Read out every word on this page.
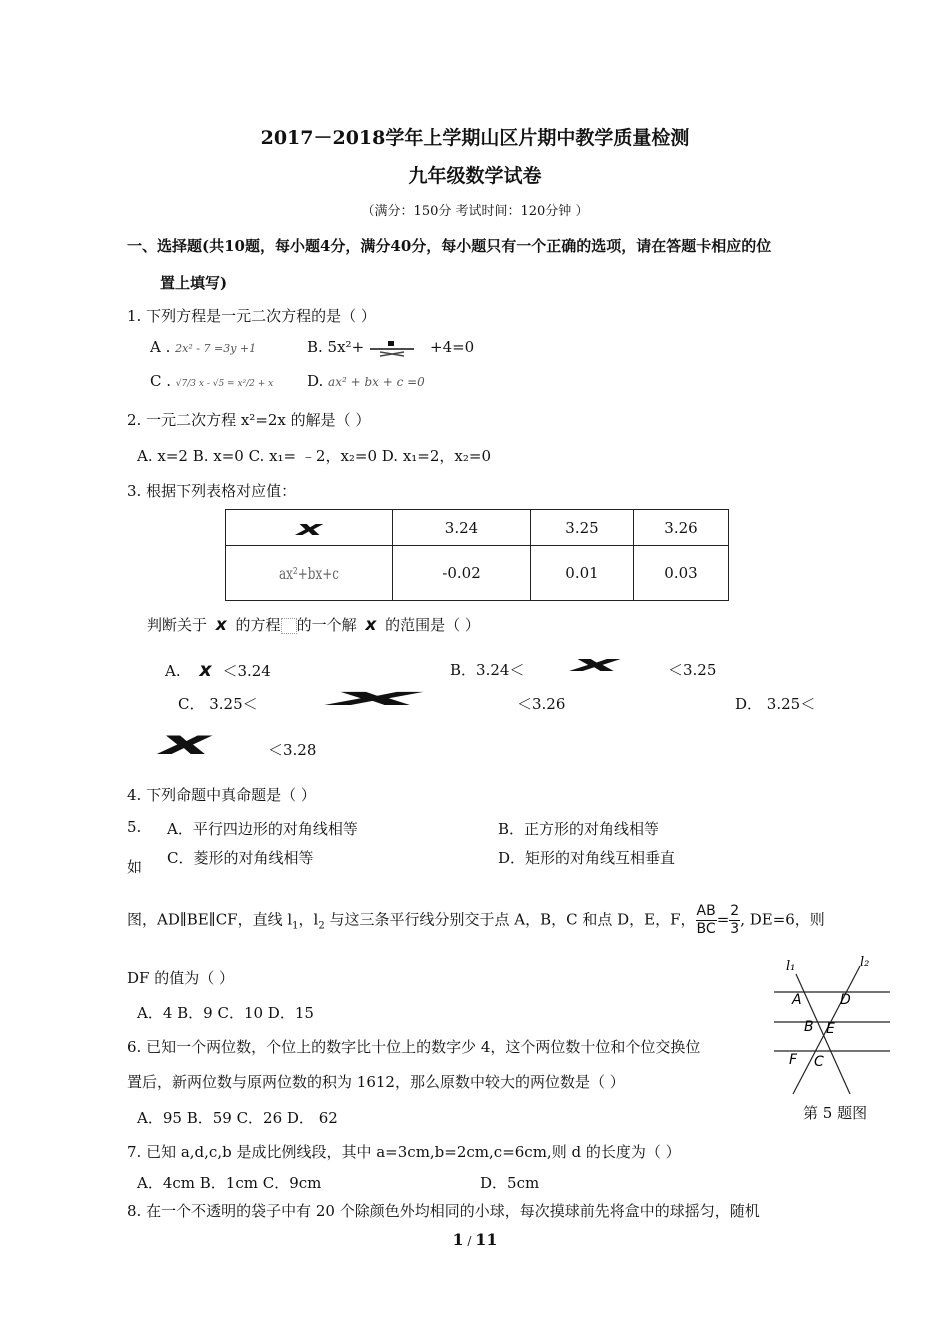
2017－2018学年上学期山区片期中教学质量检测
九年级数学试卷
（满分：150分 考试时间：120分钟 ）
一、选择题(共10题，每小题4分，满分40分，每小题只有一个正确的选项，请在答题卡相应的位
置上填写)
1. 下列方程是一元二次方程的是（ ）
A . 2x² - 7 =3y +1	B. 5x²+	+4=0
C . √7/3 x - √5 = x²/2 + x D. ax² + bx + c =0
2. 一元二次方程 x²=2x 的解是（ ）
A. x=2 B. x=0 C. x₁= ﹣2，x₂=0 D. x₁=2，x₂=0
3. 根据下列表格对应值：
x	3.24	3.25	3.26
ax²+bx+c	-0.02	0.01	0.03
判断关于 x 的方程 的一个解 x 的范围是（ ）
A. x ＜3.24	B．3.24＜ x	＜3.25
C． 3.25＜	x	＜3.26	D． 3.25＜
x	＜3.28
4. 下列命题中真命题是（ ）
A．平行四边形的对角线相等	B．正方形的对角线相等
C．菱形的对角线相等	D．矩形的对角线互相垂直
5.
如
图，AD∥BE∥CF，直线 $l_1$，$l_2$ 与这三条平行线分别交于点 A，B，C 和点 D，E，F， $\frac{AB}{BC} = \frac{2}{3}$ , DE=6，则
DF 的值为（ ）
A．4 B．9 C．10 D．15
l₁	l₂
A	D
B E
F C
第 5 题图
6. 已知一个两位数，个位上的数字比十位上的数字少 4，这个两位数十位和个位交换位
置后，新两位数与原两位数的积为 1612，那么原数中较大的两位数是（ ）
A．95 B．59 C．26 D． 62
7. 已知 a,d,c,b 是成比例线段，其中 a=3cm,b=2cm,c=6cm,则 d 的长度为（ ）
A．4cm B．1cm C．9cm	D．5cm
8. 在一个不透明的袋子中有 20 个除颜色外均相同的小球，每次摸球前先将盒中的球摇匀，随机
1 / 11
